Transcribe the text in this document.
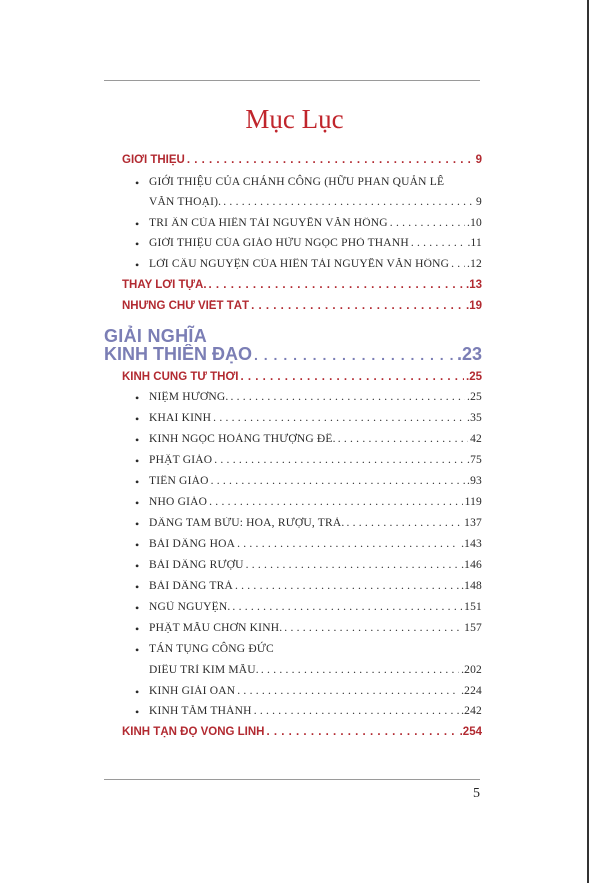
Mục Lục
GIỚI THIỆU . . .	9
• GIỚI THIỆU CỦA CHÁNH CÔNG (HỮU PHAN QUẢN LÊ
VĂN THOẠI). . . .	9
• TRI ÂN CỦA HIỀN TÀI NGUYỄN VĂN HỒNG . . .	.10
• GIỚI THIỆU CỦA GIÁO HỮU NGỌC PHÒ THANH . . .	.11
• LỜI CẦU NGUYỆN CỦA HIỀN TÀI NGUYỄN VĂN HỒNG . . . .12
THAY LỜI TỰA. . . .	.13
NHỮNG CHỮ VIẾT TẮT . . .	.19
GIẢI NGHĨA
KINH THIÊN ĐẠO . . .	.23
KINH CÚNG TỨ THỜI . . .	.25
• NIỆM HƯƠNG. . . .	.25
• KHAI KINH . . .	.35
• KINH NGỌC HOÀNG THƯỢNG ĐẾ. . . .	42
• PHẬT GIÁO . . .	.75
• TIÊN GIÁO . . .	.93
• NHO GIÁO . . .	119
• DÂNG TAM BỬU: HOA, RƯỢU, TRÀ. . . .	137
• BÀI DÂNG HOA . . .	.143
• BÀI DÂNG RƯỢU . . .	.146
• BÀI DÂNG TRÀ . . .	.148
• NGŨ NGUYỆN. . . .	151
• PHẬT MẪU CHƠN KINH. . . .	157
• TÁN TỤNG CÔNG ĐỨC
DIÊU TRÌ KIM MẪU. . . .	.202
• KINH GIẢI OAN . . .	.224
• KINH TẮM THÁNH . . .	.242
KINH TẬN ĐỘ VONG LINH . . .	.254
5
